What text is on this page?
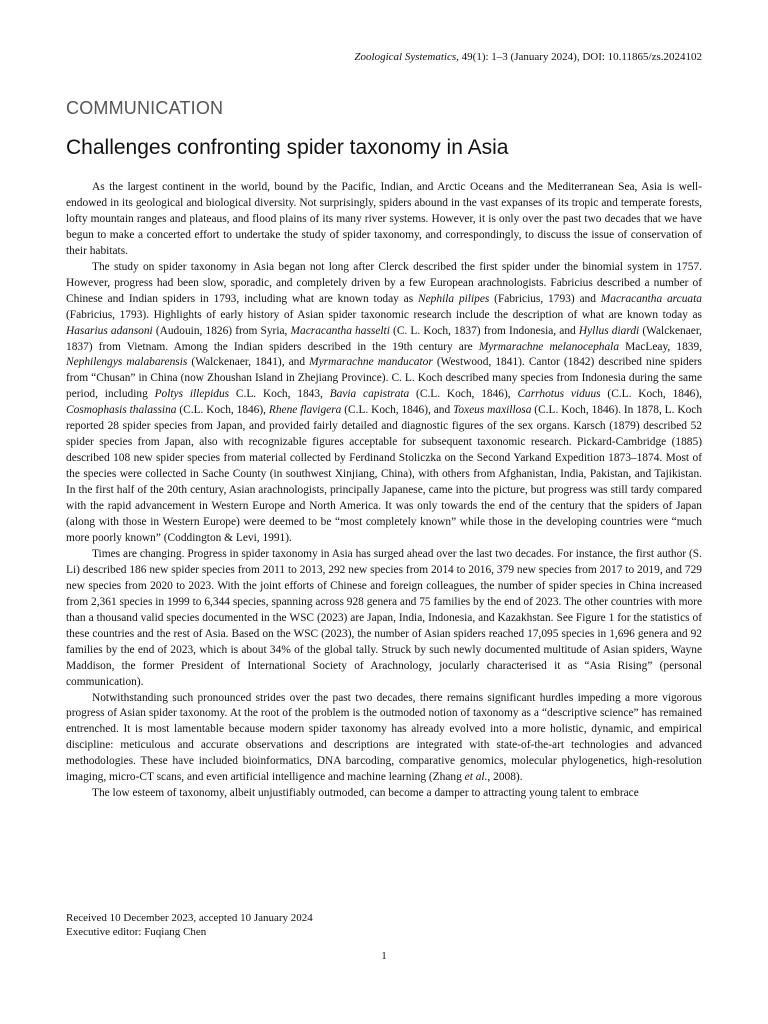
Zoological Systematics, 49(1): 1–3 (January 2024), DOI: 10.11865/zs.2024102
COMMUNICATION
Challenges confronting spider taxonomy in Asia

As the largest continent in the world, bound by the Pacific, Indian, and Arctic Oceans and the Mediterranean Sea, Asia is well-endowed in its geological and biological diversity. Not surprisingly, spiders abound in the vast expanses of its tropic and temperate forests, lofty mountain ranges and plateaus, and flood plains of its many river systems. However, it is only over the past two decades that we have begun to make a concerted effort to undertake the study of spider taxonomy, and correspondingly, to discuss the issue of conservation of their habitats.

The study on spider taxonomy in Asia began not long after Clerck described the first spider under the binomial system in 1757. However, progress had been slow, sporadic, and completely driven by a few European arachnologists. Fabricius described a number of Chinese and Indian spiders in 1793, including what are known today as Nephila pilipes (Fabricius, 1793) and Macracantha arcuata (Fabricius, 1793). Highlights of early history of Asian spider taxonomic research include the description of what are known today as Hasarius adansoni (Audouin, 1826) from Syria, Macracantha hasselti (C. L. Koch, 1837) from Indonesia, and Hyllus diardi (Walckenaer, 1837) from Vietnam. Among the Indian spiders described in the 19th century are Myrmarachne melanocephala MacLeay, 1839, Nephilengys malabarensis (Walckenaer, 1841), and Myrmarachne manducator (Westwood, 1841). Cantor (1842) described nine spiders from “Chusan” in China (now Zhoushan Island in Zhejiang Province). C. L. Koch described many species from Indonesia during the same period, including Poltys illepidus C.L. Koch, 1843, Bavia capistrata (C.L. Koch, 1846), Carrhotus viduus (C.L. Koch, 1846), Cosmophasis thalassina (C.L. Koch, 1846), Rhene flavigera (C.L. Koch, 1846), and Toxeus maxillosa (C.L. Koch, 1846). In 1878, L. Koch reported 28 spider species from Japan, and provided fairly detailed and diagnostic figures of the sex organs. Karsch (1879) described 52 spider species from Japan, also with recognizable figures acceptable for subsequent taxonomic research. Pickard-Cambridge (1885) described 108 new spider species from material collected by Ferdinand Stoliczka on the Second Yarkand Expedition 1873–1874. Most of the species were collected in Sache County (in southwest Xinjiang, China), with others from Afghanistan, India, Pakistan, and Tajikistan. In the first half of the 20th century, Asian arachnologists, principally Japanese, came into the picture, but progress was still tardy compared with the rapid advancement in Western Europe and North America. It was only towards the end of the century that the spiders of Japan (along with those in Western Europe) were deemed to be “most completely known” while those in the developing countries were “much more poorly known” (Coddington & Levi, 1991).

Times are changing. Progress in spider taxonomy in Asia has surged ahead over the last two decades. For instance, the first author (S. Li) described 186 new spider species from 2011 to 2013, 292 new species from 2014 to 2016, 379 new species from 2017 to 2019, and 729 new species from 2020 to 2023. With the joint efforts of Chinese and foreign colleagues, the number of spider species in China increased from 2,361 species in 1999 to 6,344 species, spanning across 928 genera and 75 families by the end of 2023. The other countries with more than a thousand valid species documented in the WSC (2023) are Japan, India, Indonesia, and Kazakhstan. See Figure 1 for the statistics of these countries and the rest of Asia. Based on the WSC (2023), the number of Asian spiders reached 17,095 species in 1,696 genera and 92 families by the end of 2023, which is about 34% of the global tally. Struck by such newly documented multitude of Asian spiders, Wayne Maddison, the former President of International Society of Arachnology, jocularly characterised it as “Asia Rising” (personal communication).

Notwithstanding such pronounced strides over the past two decades, there remains significant hurdles impeding a more vigorous progress of Asian spider taxonomy. At the root of the problem is the outmoded notion of taxonomy as a “descriptive science” has remained entrenched. It is most lamentable because modern spider taxonomy has already evolved into a more holistic, dynamic, and empirical discipline: meticulous and accurate observations and descriptions are integrated with state-of-the-art technologies and advanced methodologies. These have included bioinformatics, DNA barcoding, comparative genomics, molecular phylogenetics, high-resolution imaging, micro-CT scans, and even artificial intelligence and machine learning (Zhang et al., 2008).

The low esteem of taxonomy, albeit unjustifiably outmoded, can become a damper to attracting young talent to embrace

Received 10 December 2023, accepted 10 January 2024
Executive editor: Fuqiang Chen
1
